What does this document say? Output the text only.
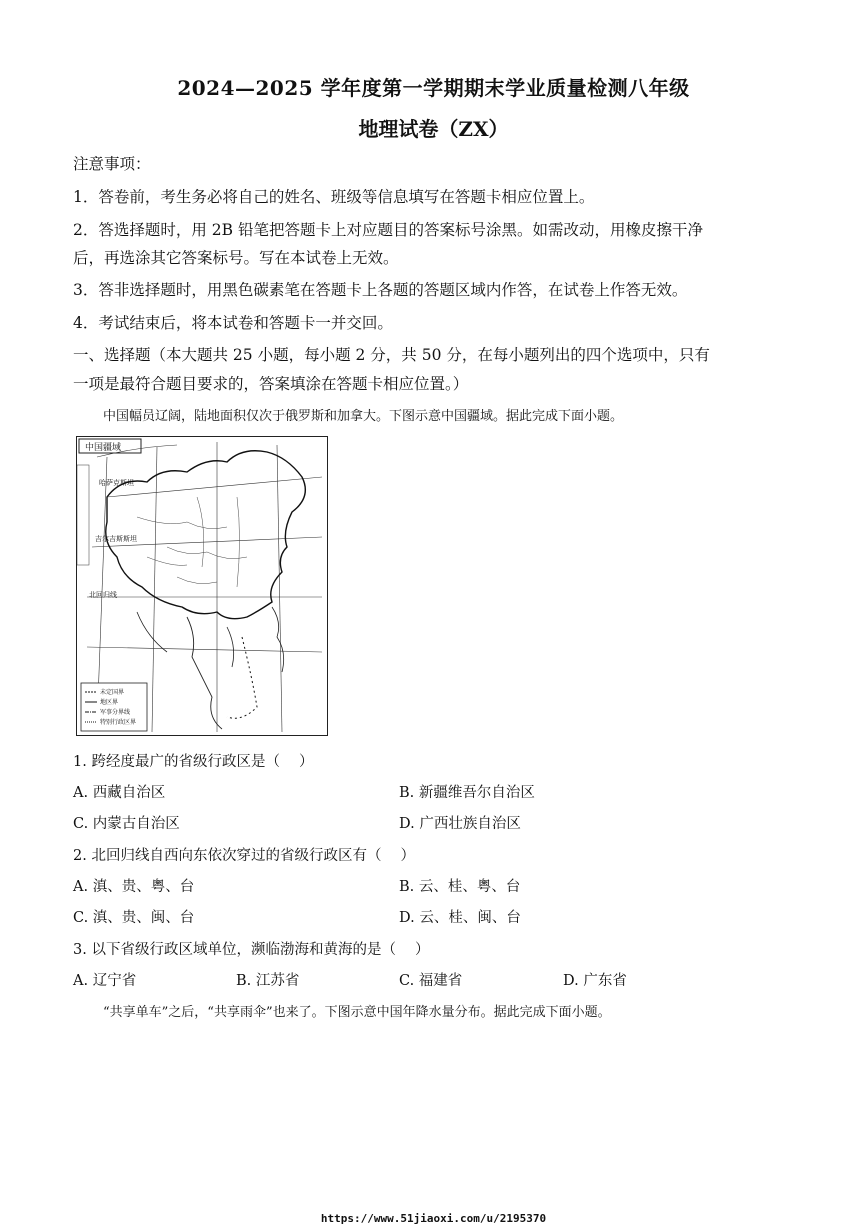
2024—2025 学年度第一学期期末学业质量检测八年级
地理试卷（ZX）
注意事项：
1．答卷前，考生务必将自己的姓名、班级等信息填写在答题卡相应位置上。
2．答选择题时，用 2B 铅笔把答题卡上对应题目的答案标号涂黑。如需改动，用橡皮擦干净
后，再选涂其它答案标号。写在本试卷上无效。
3．答非选择题时，用黑色碳素笔在答题卡上各题的答题区域内作答，在试卷上作答无效。
4．考试结束后，将本试卷和答题卡一并交回。
一、选择题（本大题共 25 小题，每小题 2 分，共 50 分，在每小题列出的四个选项中，只有
一项是最符合题目要求的，答案填涂在答题卡相应位置。）
中国幅员辽阔，陆地面积仅次于俄罗斯和加拿大。下图示意中国疆域。据此完成下面小题。
中国疆域
哈萨克斯坦
吉尔吉斯斯坦
北回归线
未定国界
地区界
军事分界线
特别行政区界
1. 跨经度最广的省级行政区是（　 ）
A. 西藏自治区	B. 新疆维吾尔自治区
C. 内蒙古自治区	D. 广西壮族自治区
2. 北回归线自西向东依次穿过的省级行政区有（　 ）
A. 滇、贵、粤、台	B. 云、桂、粤、台
C. 滇、贵、闽、台	D. 云、桂、闽、台
3. 以下省级行政区域单位，濒临渤海和黄海的是（　 ）
A. 辽宁省	B. 江苏省	C. 福建省	D. 广东省
“共享单车”之后，“共享雨伞”也来了。下图示意中国年降水量分布。据此完成下面小题。
https://www.51jiaoxi.com/u/2195370
